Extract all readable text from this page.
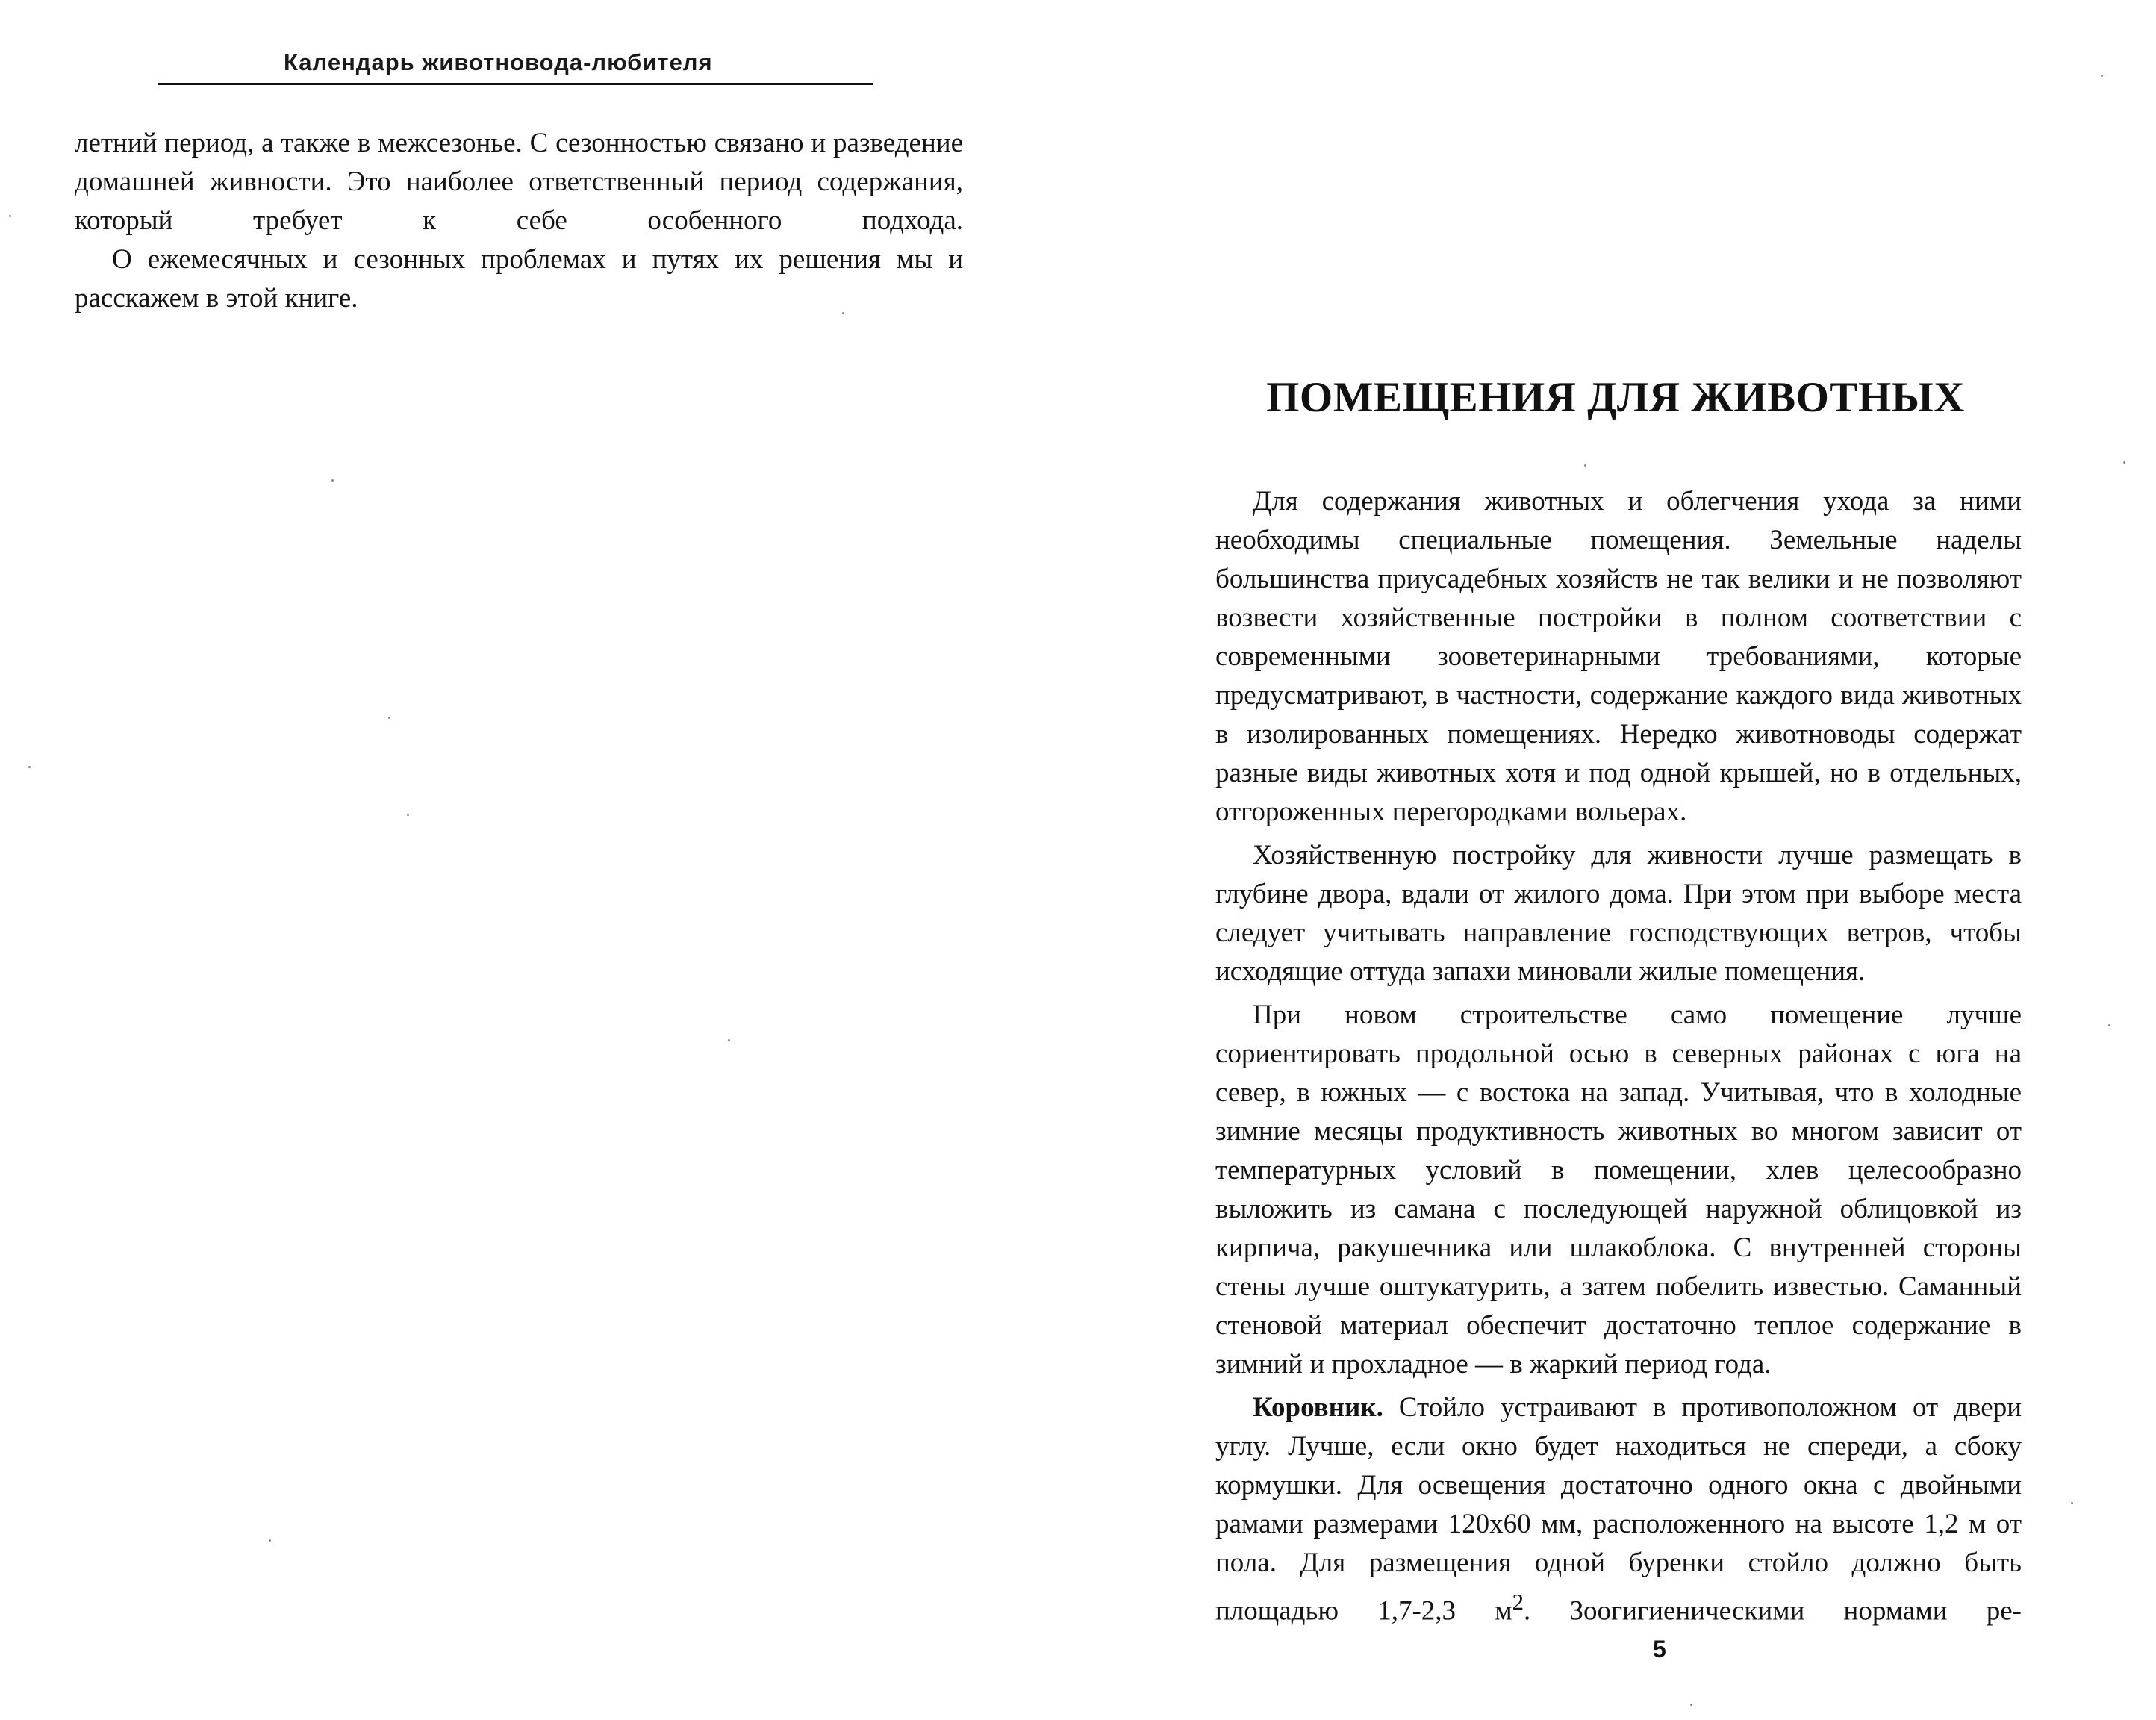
Календарь животновода-любителя

летний период, а также в межсезонье. С сезонностью связано и разведение домашней живности. Это наиболее ответственный период содержания, который требует к себе особенного подхода.

О ежемесячных и сезонных проблемах и путях их решения мы и расскажем в этой книге.

ПОМЕЩЕНИЯ ДЛЯ ЖИВОТНЫХ

Для содержания животных и облегчения ухода за ними необходимы специальные помещения. Земельные наделы большинства приусадебных хозяйств не так велики и не позволяют возвести хозяйственные постройки в полном соответствии с современными зооветеринарными требованиями, которые предусматривают, в частности, содержание каждого вида животных в изолированных помещениях. Нередко животноводы содержат разные виды животных хотя и под одной крышей, но в отдельных, отгороженных перегородками вольерах.

Хозяйственную постройку для живности лучше размещать в глубине двора, вдали от жилого дома. При этом при выборе места следует учитывать направление господствующих ветров, чтобы исходящие оттуда запахи миновали жилые помещения.

При новом строительстве само помещение лучше сориентировать продольной осью в северных районах с юга на север, в южных — с востока на запад. Учитывая, что в холодные зимние месяцы продуктивность животных во многом зависит от температурных условий в помещении, хлев целесообразно выложить из самана с последующей наружной облицовкой из кирпича, ракушечника или шлакоблока. С внутренней стороны стены лучше оштукатурить, а затем побелить известью. Саманный стеновой материал обеспечит достаточно теплое содержание в зимний и прохладное — в жаркий период года.

Коровник. Стойло устраивают в противоположном от двери углу. Лучше, если окно будет находиться не спереди, а сбоку кормушки. Для освещения достаточно одного окна с двойными рамами размерами 120х60 мм, расположенного на высоте 1,2 м от пола. Для размещения одной буренки стойло должно быть площадью 1,7-2,3 $м^2$. Зоогигиеническими нормами ре-

5
